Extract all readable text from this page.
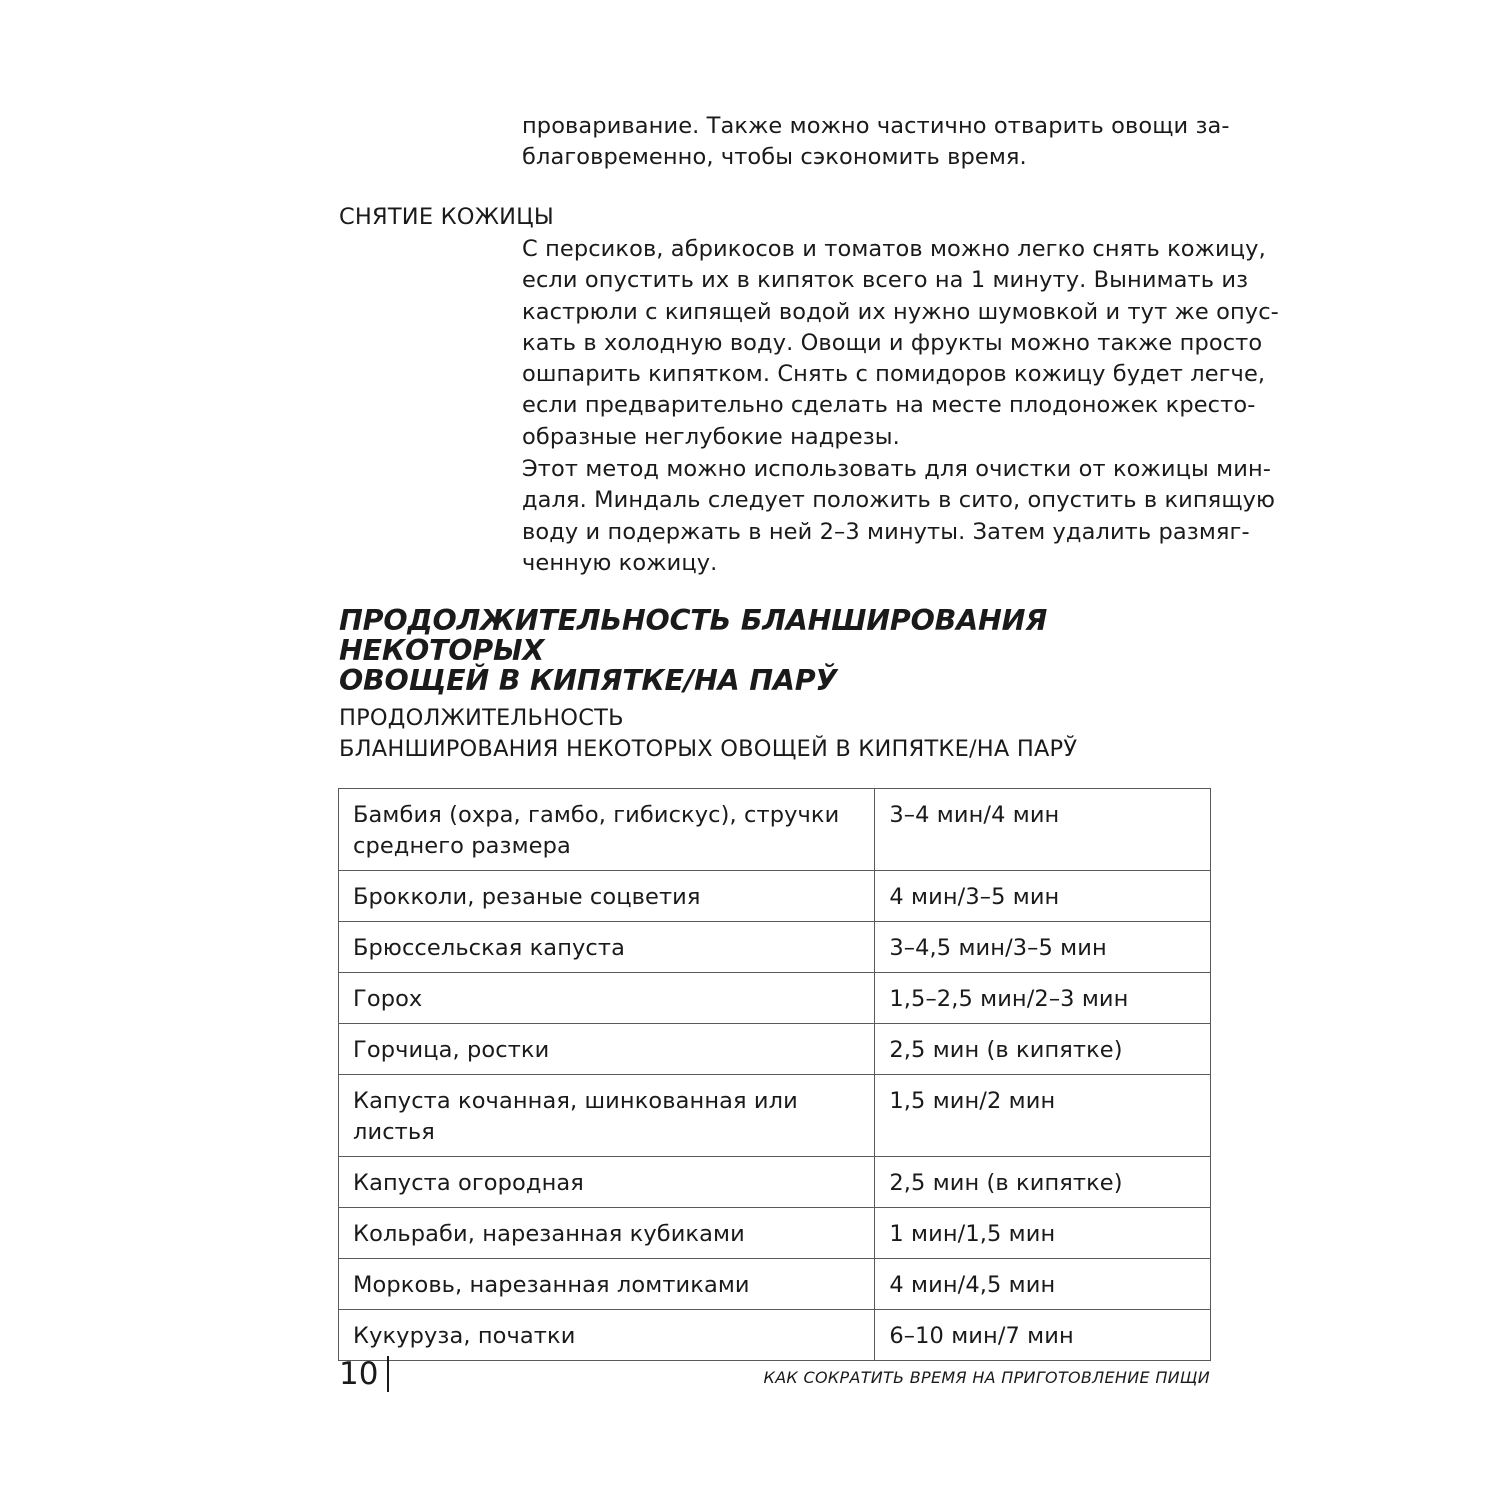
проваривание. Также можно частично отварить овощи за-
благовременно, чтобы сэкономить время.
СНЯТИЕ КОЖИЦЫ
С персиков, абрикосов и томатов можно легко снять кожицу,
если опустить их в кипяток всего на 1 минуту. Вынимать из
кастрюли с кипящей водой их нужно шумовкой и тут же опус-
кать в холодную воду. Овощи и фрукты можно также просто
ошпарить кипятком. Снять с помидоров кожицу будет легче,
если предварительно сделать на месте плодоножек кресто-
образные неглубокие надрезы.
Этот метод можно использовать для очистки от кожицы мин-
даля. Миндаль следует положить в сито, опустить в кипящую
воду и подержать в ней 2–3 минуты. Затем удалить размяг-
ченную кожицу.
ПРОДОЛЖИТЕЛЬНОСТЬ БЛАНШИРОВАНИЯ НЕКОТОРЫХ
ОВОЩЕЙ В КИПЯТКЕ/НА ПАРЎ
ПРОДОЛЖИТЕЛЬНОСТЬ
БЛАНШИРОВАНИЯ НЕКОТОРЫХ ОВОЩЕЙ В КИПЯТКЕ/НА ПАРЎ
Бамбия (охра, гамбо, гибискус), стручки среднего размера	3–4 мин/4 мин
Брокколи, резаные соцветия	4 мин/3–5 мин
Брюссельская капуста	3–4,5 мин/3–5 мин
Горох	1,5–2,5 мин/2–3 мин
Горчица, ростки	2,5 мин (в кипятке)
Капуста кочанная, шинкованная или листья	1,5 мин/2 мин
Капуста огородная	2,5 мин (в кипятке)
Кольраби, нарезанная кубиками	1 мин/1,5 мин
Морковь, нарезанная ломтиками	4 мин/4,5 мин
Кукуруза, початки	6–10 мин/7 мин
10	КАК СОКРАТИТЬ ВРЕМЯ НА ПРИГОТОВЛЕНИЕ ПИЩИ
